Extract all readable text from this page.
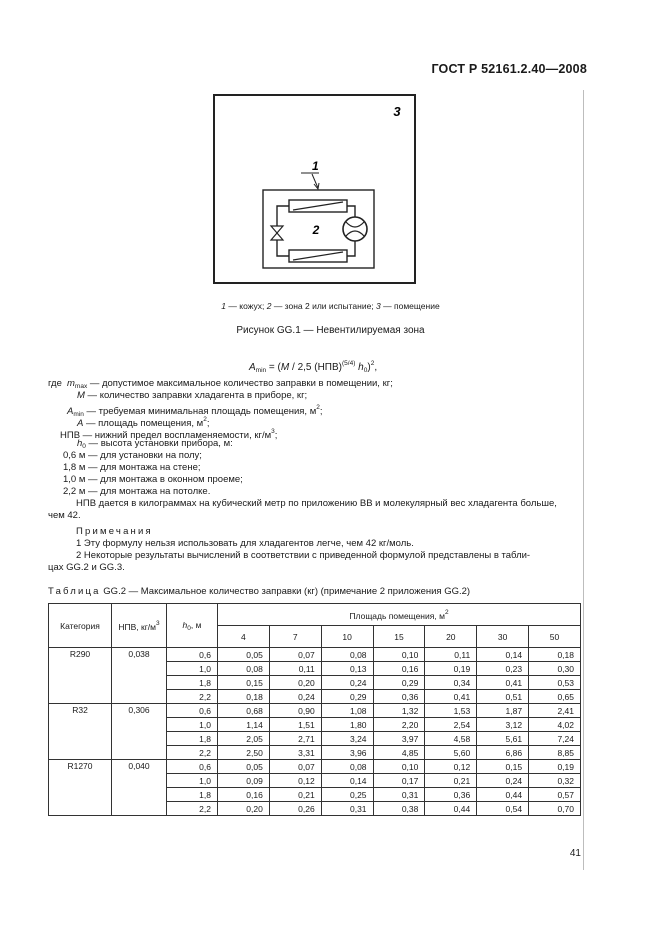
ГОСТ Р 52161.2.40—2008
3
1
2
1 — кожух; 2 — зона 2 или испытание; 3 — помещение
Рисунок GG.1 — Невентилируемая зона
$A_{min} = (M / 2,5$ (НПВ)$^{(5/4)}$ $h_0)^2$,
где $m_{max}$ — допустимое максимальное количество заправки в помещении, кг;
M — количество заправки хладагента в приборе, кг;
$A_{min}$ — требуемая минимальная площадь помещения, $м^2$;
A — площадь помещения, $м^2$;
НПВ — нижний предел воспламеняемости, $кг/м^3$;
$h_0$ — высота установки прибора, м:
0,6 м — для установки на полу;
1,8 м — для монтажа на стене;
1,0 м — для монтажа в оконном проеме;
2,2 м — для монтажа на потолке.
НПВ дается в килограммах на кубический метр по приложению ВВ и молекулярный вес хладагента больше,
чем 42.
Примечания
1 Эту формулу нельзя использовать для хладагентов легче, чем 42 кг/моль.
2 Некоторые результаты вычислений в соответствии с приведенной формулой представлены в табли-
цах GG.2 и GG.3.
Таблица GG.2 — Максимальное количество заправки (кг) (примечание 2 приложения GG.2)
Категория	НПВ, $кг/м^3$	$h_0$, м	Площадь помещения, $м^2$
			4	7	10	15	20	30	50
R290	0,038	0,6	0,05	0,07	0,08	0,10	0,11	0,14	0,18
		1,0	0,08	0,11	0,13	0,16	0,19	0,23	0,30
		1,8	0,15	0,20	0,24	0,29	0,34	0,41	0,53
		2,2	0,18	0,24	0,29	0,36	0,41	0,51	0,65
R32	0,306	0,6	0,68	0,90	1,08	1,32	1,53	1,87	2,41
		1,0	1,14	1,51	1,80	2,20	2,54	3,12	4,02
		1,8	2,05	2,71	3,24	3,97	4,58	5,61	7,24
		2,2	2,50	3,31	3,96	4,85	5,60	6,86	8,85
R1270	0,040	0,6	0,05	0,07	0,08	0,10	0,12	0,15	0,19
		1,0	0,09	0,12	0,14	0,17	0,21	0,24	0,32
		1,8	0,16	0,21	0,25	0,31	0,36	0,44	0,57
		2,2	0,20	0,26	0,31	0,38	0,44	0,54	0,70
41
